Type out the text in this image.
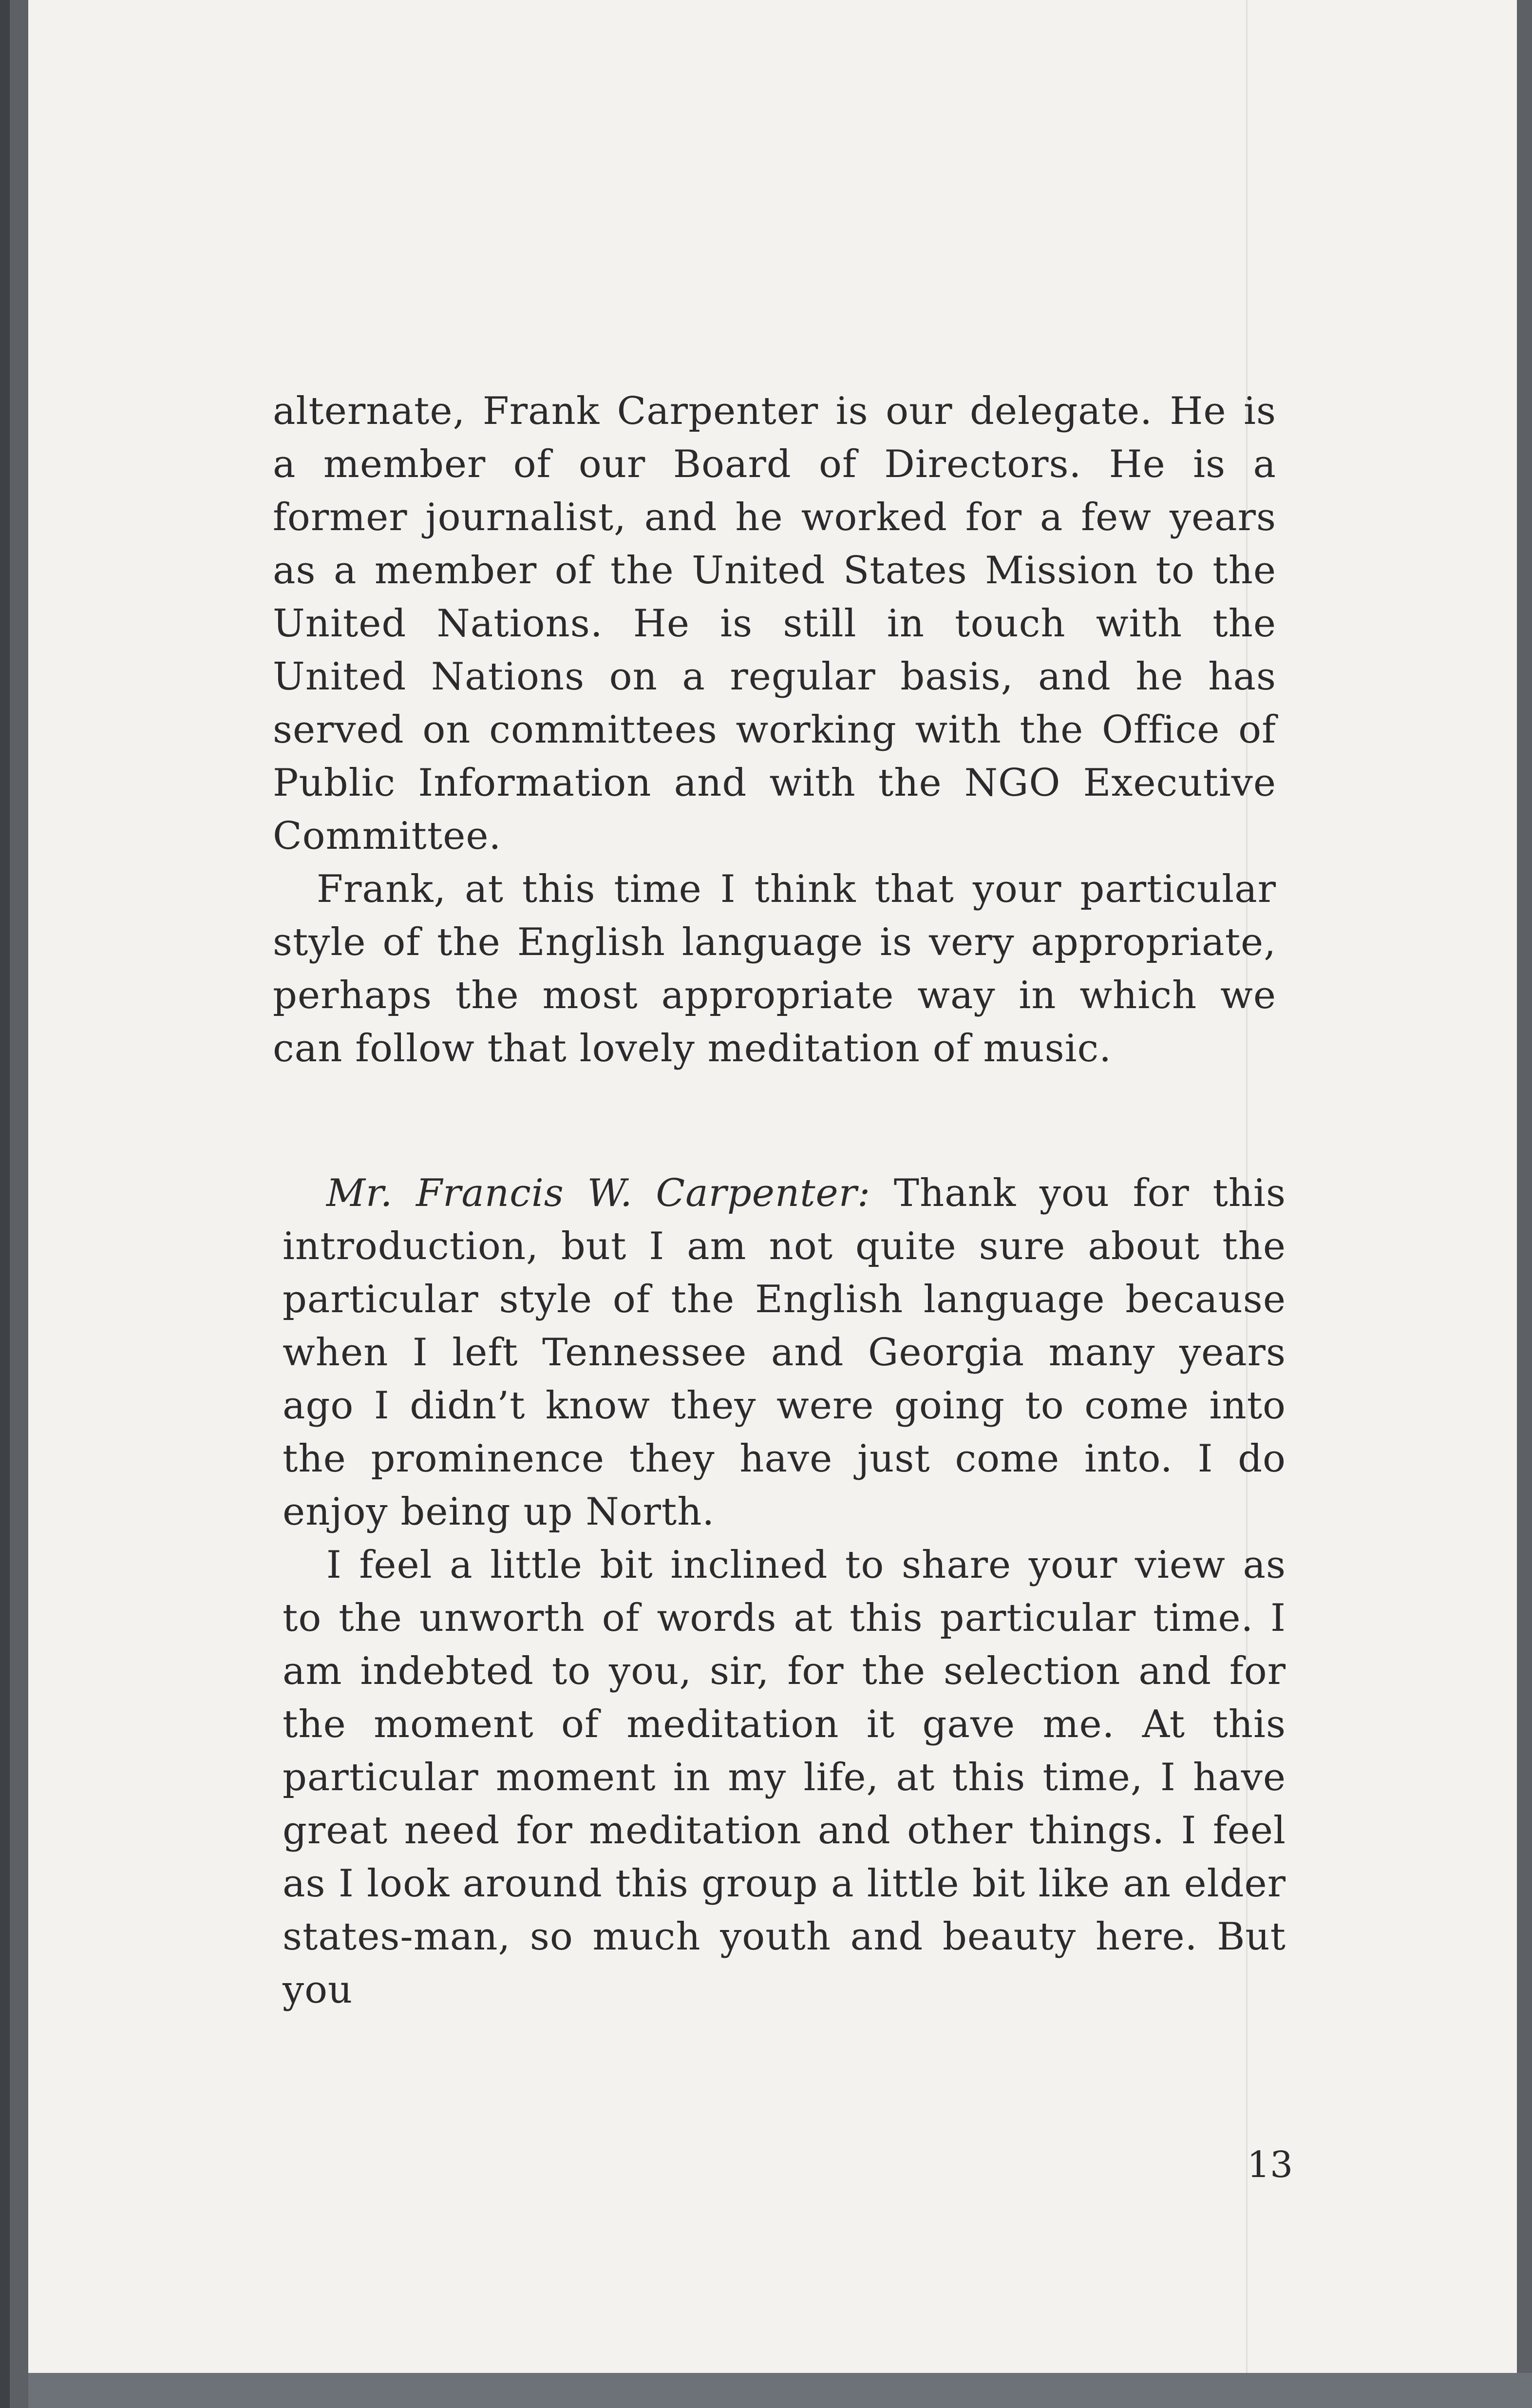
alternate, Frank Carpenter is our delegate. He is a member of our Board of Directors. He is a former journalist, and he worked for a few years as a member of the United States Mission to the United Nations. He is still in touch with the United Nations on a regular basis, and he has served on committees working with the Office of Public Information and with the NGO Executive Committee.

Frank, at this time I think that your particular style of the English language is very appropriate, perhaps the most appropriate way in which we can follow that lovely meditation of music.

Mr. Francis W. Carpenter: Thank you for this introduction, but I am not quite sure about the particular style of the English language because when I left Tennessee and Georgia many years ago I didn’t know they were going to come into the prominence they have just come into. I do enjoy being up North.

I feel a little bit inclined to share your view as to the unworth of words at this particular time. I am indebted to you, sir, for the selection and for the moment of meditation it gave me. At this particular moment in my life, at this time, I have great need for meditation and other things. I feel as I look around this group a little bit like an elder states-man, so much youth and beauty here. But you

13
